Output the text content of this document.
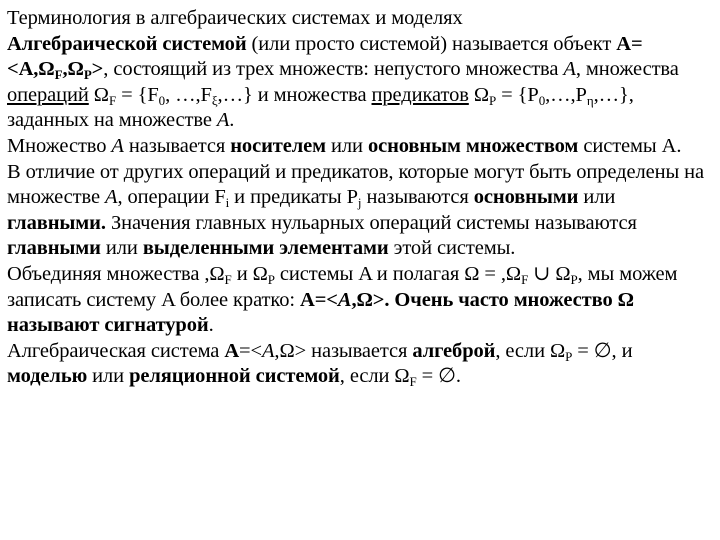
Терминология в алгебраических системах и моделях

Алгебраической системой (или просто системой) называется объект $A=<A,\Omega_F,\Omega_P>$, состоящий из трех множеств: непустого множества A, множества операций $\Omega_F = \{F_0$, $\dots,F_\xi,\dots$} и множества предикатов $\Omega_P$ = $\{P_0,\dots,P_\eta,\dots\}$, заданных на множестве A.

Множество A называется носителем или основным множеством системы A.

В отличие от других операций и предикатов, которые могут быть определены на множестве A, операции $F_i$ и предикаты $P_j$ называются основными или главными. Значения главных нульарных операций системы называются главными или выделенными элементами этой системы.

Объединяя множества $,\Omega_F$ и $\Omega_P$ системы A и полагая $\Omega = ,\Omega_F$ ∪ $\Omega_P$, мы можем записать систему A более кратко: A=<A,Ω>. Очень часто множество Ω называют сигнатурой.

Алгебраическая система A=<A,Ω> называется алгеброй, если $\Omega_P$ = ∅, и моделью или реляционной системой, если $\Omega_F$ = ∅.
